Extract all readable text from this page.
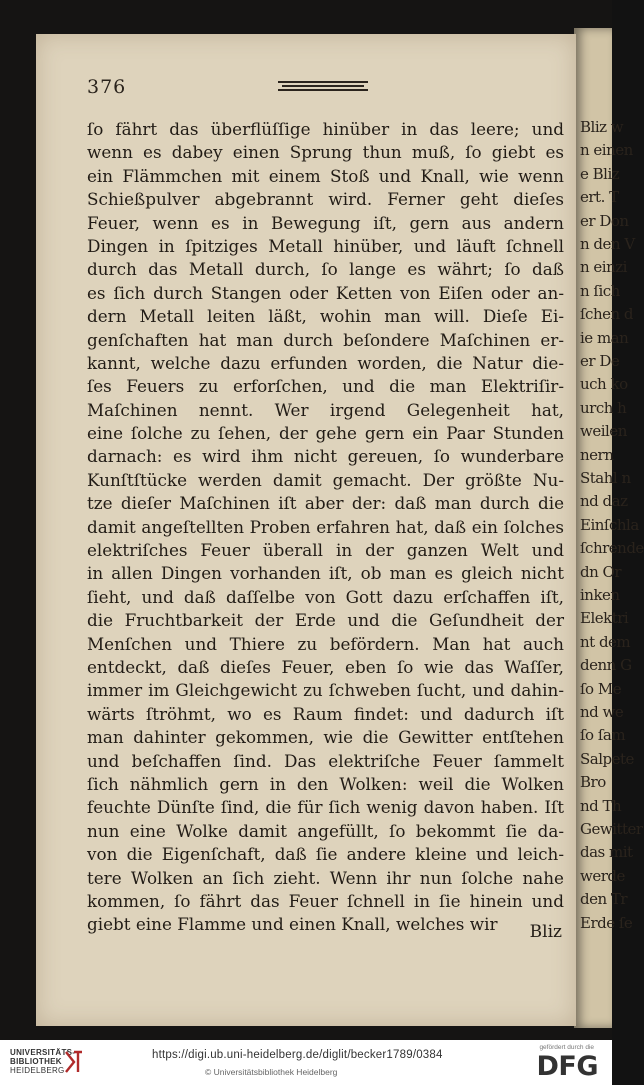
Bliz w
n einen
e Bliz
ert. T
er Don
n den V
n einzi
n ſich
ſchen d
ie man
er De
uch ko
urch h
weilen
nern
Stahl n
nd daz
Einſchla
ſchrende
dn Or
inken
Elektri
nt dem
denn G
ſo Me
nd we
ſo ſam
Salpete
Bro
nd Th
Gewitter
das mit
werde
den Tr
Erde ſe
376
ſo fährt das überflüſſige hinüber in das leere; und
wenn es dabey einen Sprung thun muß, ſo giebt es
ein Flämmchen mit einem Stoß und Knall, wie wenn
Schießpulver abgebrannt wird. Ferner geht dieſes
Feuer, wenn es in Bewegung iſt, gern aus andern
Dingen in ſpitziges Metall hinüber, und läuft ſchnell
durch das Metall durch, ſo lange es währt; ſo daß
es ſich durch Stangen oder Ketten von Eiſen oder an-
dern Metall leiten läßt, wohin man will. Dieſe Ei-
genſchaften hat man durch beſondere Maſchinen er-
kannt, welche dazu erfunden worden, die Natur die-
ſes Feuers zu erforſchen, und die man Elektriſir-
Maſchinen nennt. Wer irgend Gelegenheit hat,
eine ſolche zu ſehen, der gehe gern ein Paar Stunden
darnach: es wird ihm nicht gereuen, ſo wunderbare
Kunſtſtücke werden damit gemacht. Der größte Nu-
tze dieſer Maſchinen iſt aber der: daß man durch die
damit angeſtellten Proben erfahren hat, daß ein ſolches
elektriſches Feuer überall in der ganzen Welt und
in allen Dingen vorhanden iſt, ob man es gleich nicht
ſieht, und daß daſſelbe von Gott dazu erſchaffen iſt,
die Fruchtbarkeit der Erde und die Geſundheit der
Menſchen und Thiere zu befördern. Man hat auch
entdeckt, daß dieſes Feuer, eben ſo wie das Waſſer,
immer im Gleichgewicht zu ſchweben ſucht, und dahin-
wärts ſtröhmt, wo es Raum findet: und dadurch iſt
man dahinter gekommen, wie die Gewitter entſtehen
und beſchaffen ſind. Das elektriſche Feuer ſammelt
ſich nähmlich gern in den Wolken: weil die Wolken
feuchte Dünſte ſind, die für ſich wenig davon haben. Iſt
nun eine Wolke damit angefüllt, ſo bekommt ſie da-
von die Eigenſchaft, daß ſie andere kleine und leich-
tere Wolken an ſich zieht. Wenn ihr nun ſolche nahe
kommen, ſo fährt das Feuer ſchnell in ſie hinein und
giebt eine Flamme und einen Knall, welches wir	Bliz
UNIVERSITÄTS-
BIBLIOTHEK
HEIDELBERG
https://digi.ub.uni-heidelberg.de/diglit/becker1789/0384
© Universitätsbibliothek Heidelberg
gefördert durch die
DFG
